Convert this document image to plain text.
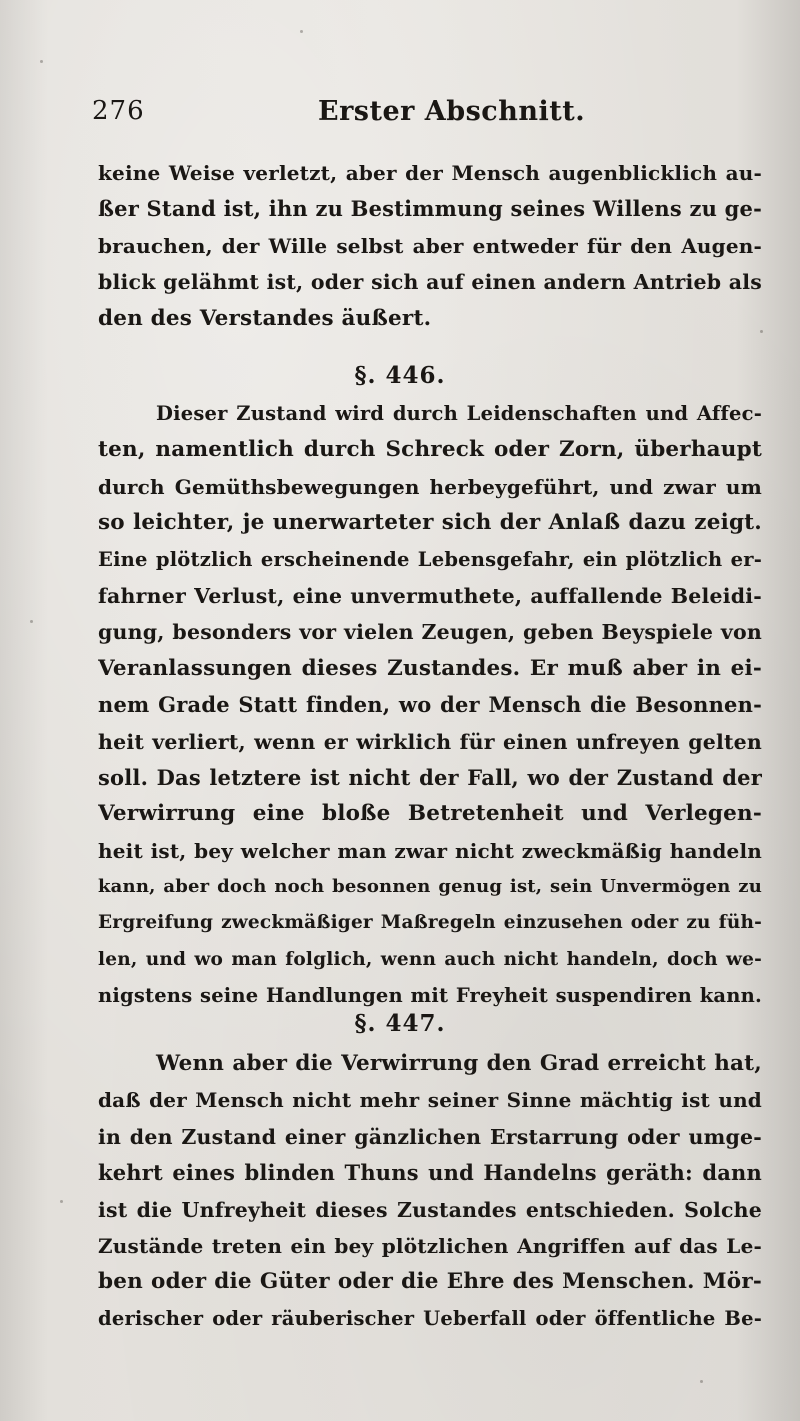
276	Erster Abschnitt.
keine Weise verletzt, aber der Mensch augenblicklich au-
ßer Stand ist, ihn zu Bestimmung seines Willens zu ge-
brauchen, der Wille selbst aber entweder für den Augen-
blick gelähmt ist, oder sich auf einen andern Antrieb als
den des Verstandes äußert.
§. 446.
Dieser Zustand wird durch Leidenschaften und Affec-
ten, namentlich durch Schreck oder Zorn, überhaupt
durch Gemüthsbewegungen herbeygeführt, und zwar um
so leichter, je unerwarteter sich der Anlaß dazu zeigt.
Eine plötzlich erscheinende Lebensgefahr, ein plötzlich er-
fahrner Verlust, eine unvermuthete, auffallende Beleidi-
gung, besonders vor vielen Zeugen, geben Beyspiele von
Veranlassungen dieses Zustandes. Er muß aber in ei-
nem Grade Statt finden, wo der Mensch die Besonnen-
heit verliert, wenn er wirklich für einen unfreyen gelten
soll. Das letztere ist nicht der Fall, wo der Zustand der
Verwirrung eine bloße Betretenheit und Verlegen-
heit ist, bey welcher man zwar nicht zweckmäßig handeln
kann, aber doch noch besonnen genug ist, sein Unvermögen zu
Ergreifung zweckmäßiger Maßregeln einzusehen oder zu füh-
len, und wo man folglich, wenn auch nicht handeln, doch we-
nigstens seine Handlungen mit Freyheit suspendiren kann.
§. 447.
Wenn aber die Verwirrung den Grad erreicht hat,
daß der Mensch nicht mehr seiner Sinne mächtig ist und
in den Zustand einer gänzlichen Erstarrung oder umge-
kehrt eines blinden Thuns und Handelns geräth: dann
ist die Unfreyheit dieses Zustandes entschieden. Solche
Zustände treten ein bey plötzlichen Angriffen auf das Le-
ben oder die Güter oder die Ehre des Menschen. Mör-
derischer oder räuberischer Ueberfall oder öffentliche Be-
